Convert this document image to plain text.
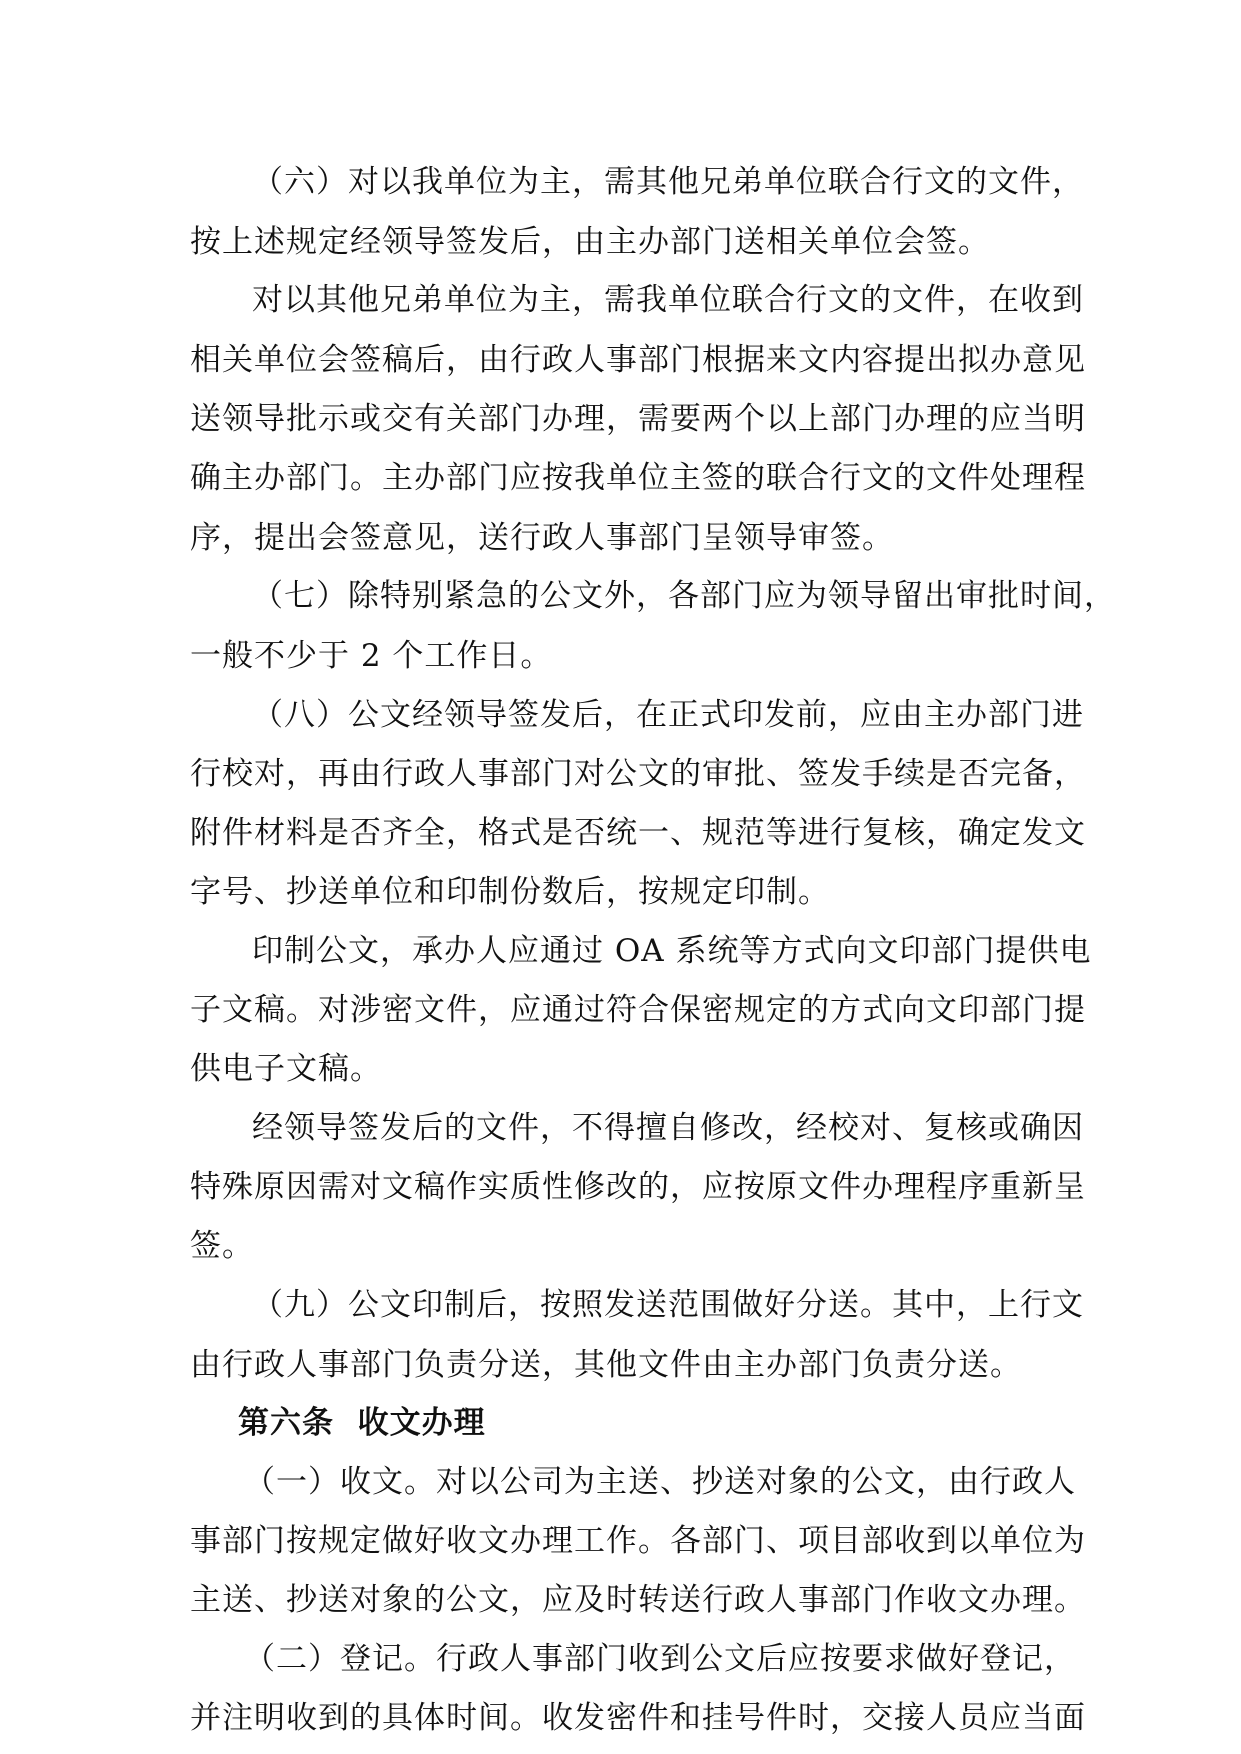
（六）对以我单位为主，需其他兄弟单位联合行文的文件，
按上述规定经领导签发后，由主办部门送相关单位会签。
对以其他兄弟单位为主，需我单位联合行文的文件，在收到
相关单位会签稿后，由行政人事部门根据来文内容提出拟办意见
送领导批示或交有关部门办理，需要两个以上部门办理的应当明
确主办部门。主办部门应按我单位主签的联合行文的文件处理程
序，提出会签意见，送行政人事部门呈领导审签。
（七）除特别紧急的公文外，各部门应为领导留出审批时间，
一般不少于 2 个工作日。
（八）公文经领导签发后，在正式印发前，应由主办部门进
行校对，再由行政人事部门对公文的审批、签发手续是否完备，
附件材料是否齐全，格式是否统一、规范等进行复核，确定发文
字号、抄送单位和印制份数后，按规定印制。
印制公文，承办人应通过 OA 系统等方式向文印部门提供电
子文稿。对涉密文件，应通过符合保密规定的方式向文印部门提
供电子文稿。
经领导签发后的文件，不得擅自修改，经校对、复核或确因
特殊原因需对文稿作实质性修改的，应按原文件办理程序重新呈
签。
（九）公文印制后，按照发送范围做好分送。其中，上行文
由行政人事部门负责分送，其他文件由主办部门负责分送。
第六条  收文办理
（一）收文。对以公司为主送、抄送对象的公文，由行政人
事部门按规定做好收文办理工作。各部门、项目部收到以单位为
主送、抄送对象的公文，应及时转送行政人事部门作收文办理。
（二）登记。行政人事部门收到公文后应按要求做好登记，
并注明收到的具体时间。收发密件和挂号件时，交接人员应当面
